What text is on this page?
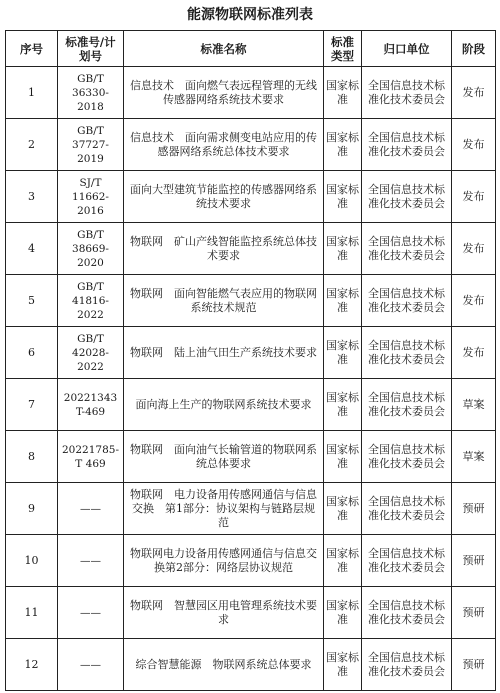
能源物联网标准列表
序号	标准号/计划号	标准名称	标准类型	归口单位	阶段
1	GB/T 36330-2018	信息技术　面向燃气表远程管理的无线传感器网络系统技术要求	国家标准	全国信息技术标准化技术委员会	发布
2	GB/T 37727-2019	信息技术　面向需求侧变电站应用的传感器网络系统总体技术要求	国家标准	全国信息技术标准化技术委员会	发布
3	SJ/T 11662-2016	面向大型建筑节能监控的传感器网络系统技术要求	国家标准	全国信息技术标准化技术委员会	发布
4	GB/T 38669-2020	物联网　矿山产线智能监控系统总体技术要求	国家标准	全国信息技术标准化技术委员会	发布
5	GB/T 41816-2022	物联网　面向智能燃气表应用的物联网系统技术规范	国家标准	全国信息技术标准化技术委员会	发布
6	GB/T 42028-2022	物联网　陆上油气田生产系统技术要求	国家标准	全国信息技术标准化技术委员会	发布
7	20221343 T-469	面向海上生产的物联网系统技术要求	国家标准	全国信息技术标准化技术委员会	草案
8	20221785-T 469	物联网　面向油气长输管道的物联网系统总体要求	国家标准	全国信息技术标准化技术委员会	草案
9	——	物联网　电力设备用传感网通信与信息交换　第1部分：协议架构与链路层规范	国家标准	全国信息技术标准化技术委员会	预研
10	——	物联网电力设备用传感网通信与信息交换第2部分：网络层协议规范	国家标准	全国信息技术标准化技术委员会	预研
11	——	物联网　智慧园区用电管理系统技术要求	国家标准	全国信息技术标准化技术委员会	预研
12	——	综合智慧能源　物联网系统总体要求	国家标准	全国信息技术标准化技术委员会	预研
